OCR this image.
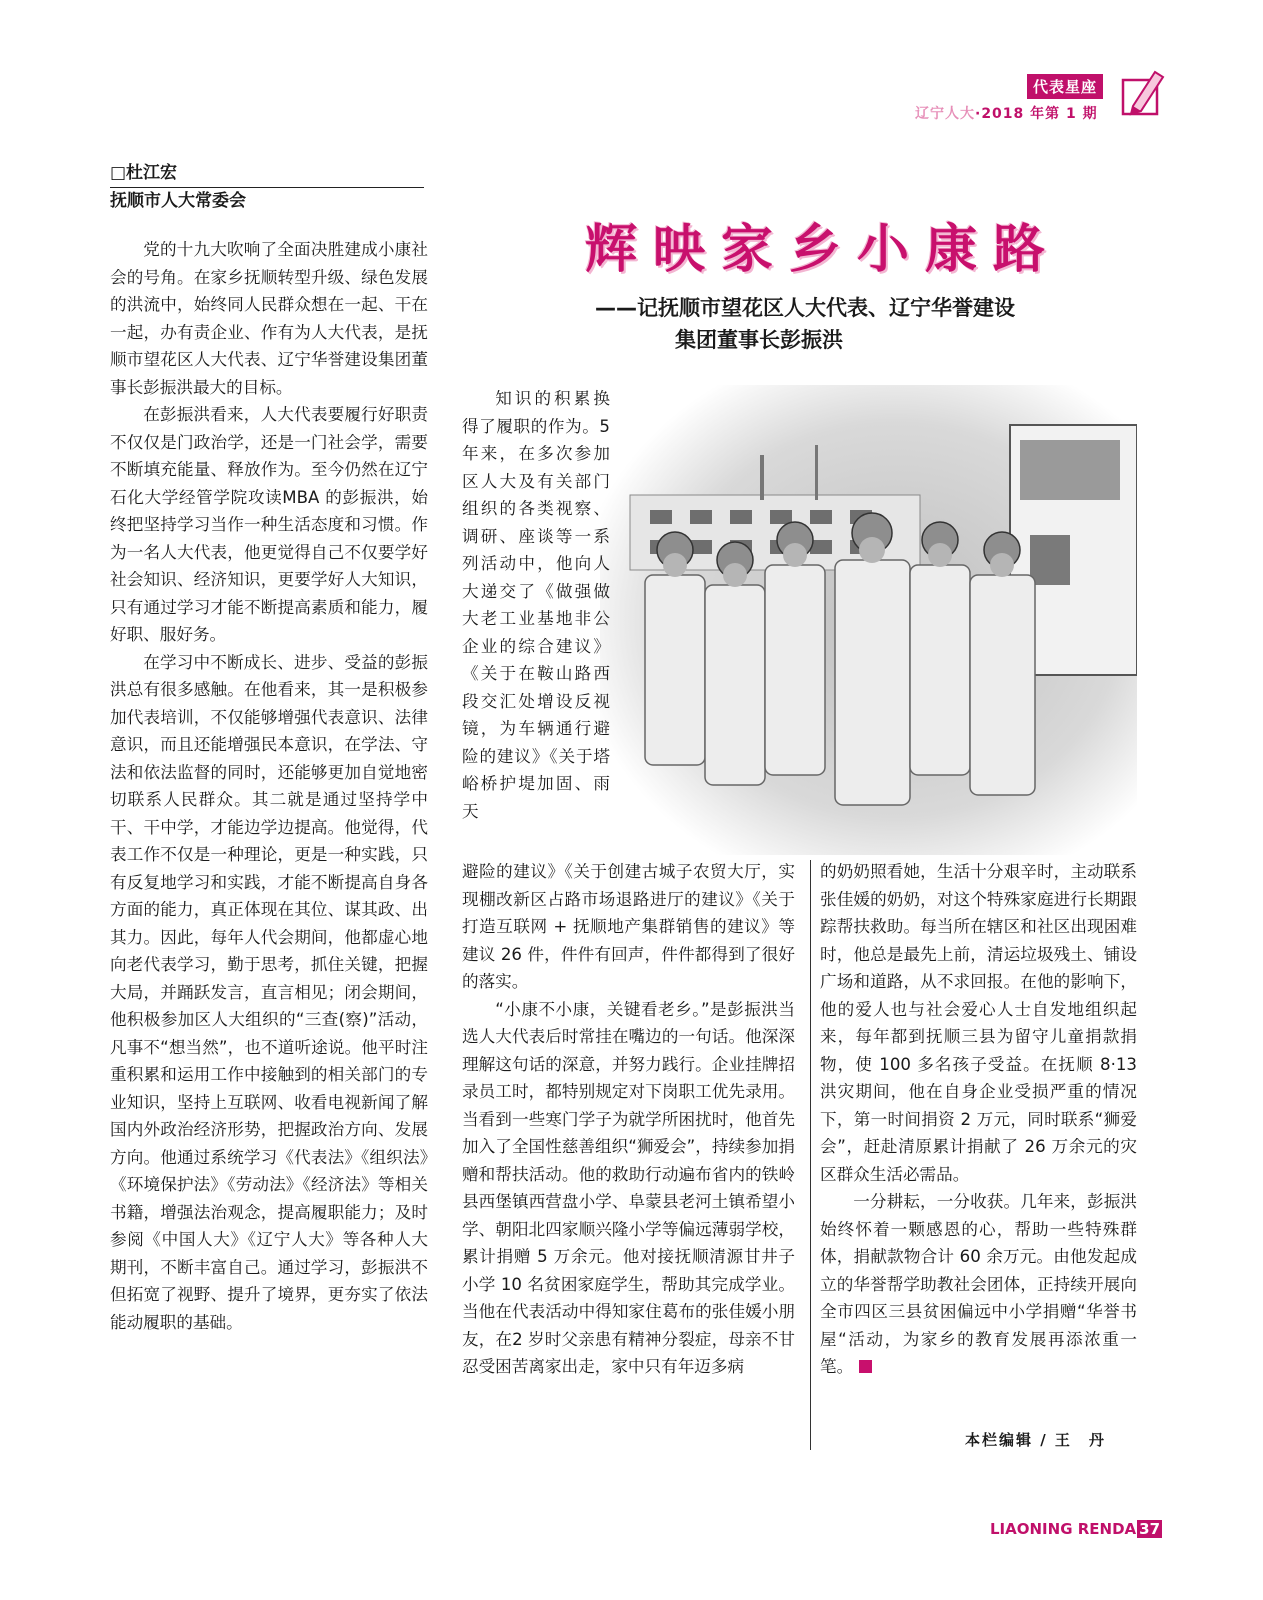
代表星座
辽宁人大·2018 年第 1 期
□杜江宏
抚顺市人大常委会

党的十九大吹响了全面决胜建成小康社会的号角。在家乡抚顺转型升级、绿色发展的洪流中，始终同人民群众想在一起、干在一起，办有责企业、作有为人大代表，是抚顺市望花区人大代表、辽宁华誉建设集团董事长彭振洪最大的目标。

在彭振洪看来，人大代表要履行好职责不仅仅是门政治学，还是一门社会学，需要不断填充能量、释放作为。至今仍然在辽宁石化大学经管学院攻读MBA 的彭振洪，始终把坚持学习当作一种生活态度和习惯。作为一名人大代表，他更觉得自己不仅要学好社会知识、经济知识，更要学好人大知识，只有通过学习才能不断提高素质和能力，履好职、服好务。

在学习中不断成长、进步、受益的彭振洪总有很多感触。在他看来，其一是积极参加代表培训，不仅能够增强代表意识、法律意识，而且还能增强民本意识，在学法、守法和依法监督的同时，还能够更加自觉地密切联系人民群众。其二就是通过坚持学中干、干中学，才能边学边提高。他觉得，代表工作不仅是一种理论，更是一种实践，只有反复地学习和实践，才能不断提高自身各方面的能力，真正体现在其位、谋其政、出其力。因此，每年人代会期间，他都虚心地向老代表学习，勤于思考，抓住关键，把握大局，并踊跃发言，直言相见；闭会期间，他积极参加区人大组织的“三查(察)”活动，凡事不“想当然”，也不道听途说。他平时注重积累和运用工作中接触到的相关部门的专业知识，坚持上互联网、收看电视新闻了解国内外政治经济形势，把握政治方向、发展方向。他通过系统学习《代表法》《组织法》《环境保护法》《劳动法》《经济法》等相关书籍，增强法治观念，提高履职能力；及时参阅《中国人大》《辽宁人大》等各种人大期刊，不断丰富自己。通过学习，彭振洪不但拓宽了视野、提升了境界，更夯实了依法能动履职的基础。

辉映家乡小康路
——记抚顺市望花区人大代表、辽宁华誉建设
集团董事长彭振洪

知识的积累换得了履职的作为。5 年来，在多次参加区人大及有关部门组织的各类视察、调研、座谈等一系列活动中，他向人大递交了《做强做大老工业基地非公企业的综合建议》《关于在鞍山路西段交汇处增设反视镜，为车辆通行避险的建议》《关于塔峪桥护堤加固、雨天

避险的建议》《关于创建古城子农贸大厅，实现棚改新区占路市场退路进厅的建议》《关于打造互联网 + 抚顺地产集群销售的建议》等建议 26 件，件件有回声，件件都得到了很好的落实。

“小康不小康，关键看老乡。”是彭振洪当选人大代表后时常挂在嘴边的一句话。他深深理解这句话的深意，并努力践行。企业挂牌招录员工时，都特别规定对下岗职工优先录用。当看到一些寒门学子为就学所困扰时，他首先加入了全国性慈善组织“狮爱会”，持续参加捐赠和帮扶活动。他的救助行动遍布省内的铁岭县西堡镇西营盘小学、阜蒙县老河土镇希望小学、朝阳北四家顺兴隆小学等偏远薄弱学校，累计捐赠 5 万余元。他对接抚顺清源甘井子小学 10 名贫困家庭学生，帮助其完成学业。当他在代表活动中得知家住葛布的张佳媛小朋友，在2 岁时父亲患有精神分裂症，母亲不甘忍受困苦离家出走，家中只有年迈多病

的奶奶照看她，生活十分艰辛时，主动联系张佳媛的奶奶，对这个特殊家庭进行长期跟踪帮扶救助。每当所在辖区和社区出现困难时，他总是最先上前，清运垃圾残土、铺设广场和道路，从不求回报。在他的影响下，他的爱人也与社会爱心人士自发地组织起来，每年都到抚顺三县为留守儿童捐款捐物，使 100 多名孩子受益。在抚顺 8·13 洪灾期间，他在自身企业受损严重的情况下，第一时间捐资 2 万元，同时联系“狮爱会”，赶赴清原累计捐献了 26 万余元的灾区群众生活必需品。

一分耕耘，一分收获。几年来，彭振洪始终怀着一颗感恩的心，帮助一些特殊群体，捐献款物合计 60 余万元。由他发起成立的华誉帮学助教社会团体，正持续开展向全市四区三县贫困偏远中小学捐赠“华誉书屋“活动，为家乡的教育发展再添浓重一笔。

本栏编辑 / 王　丹
LIAONING RENDA 37
